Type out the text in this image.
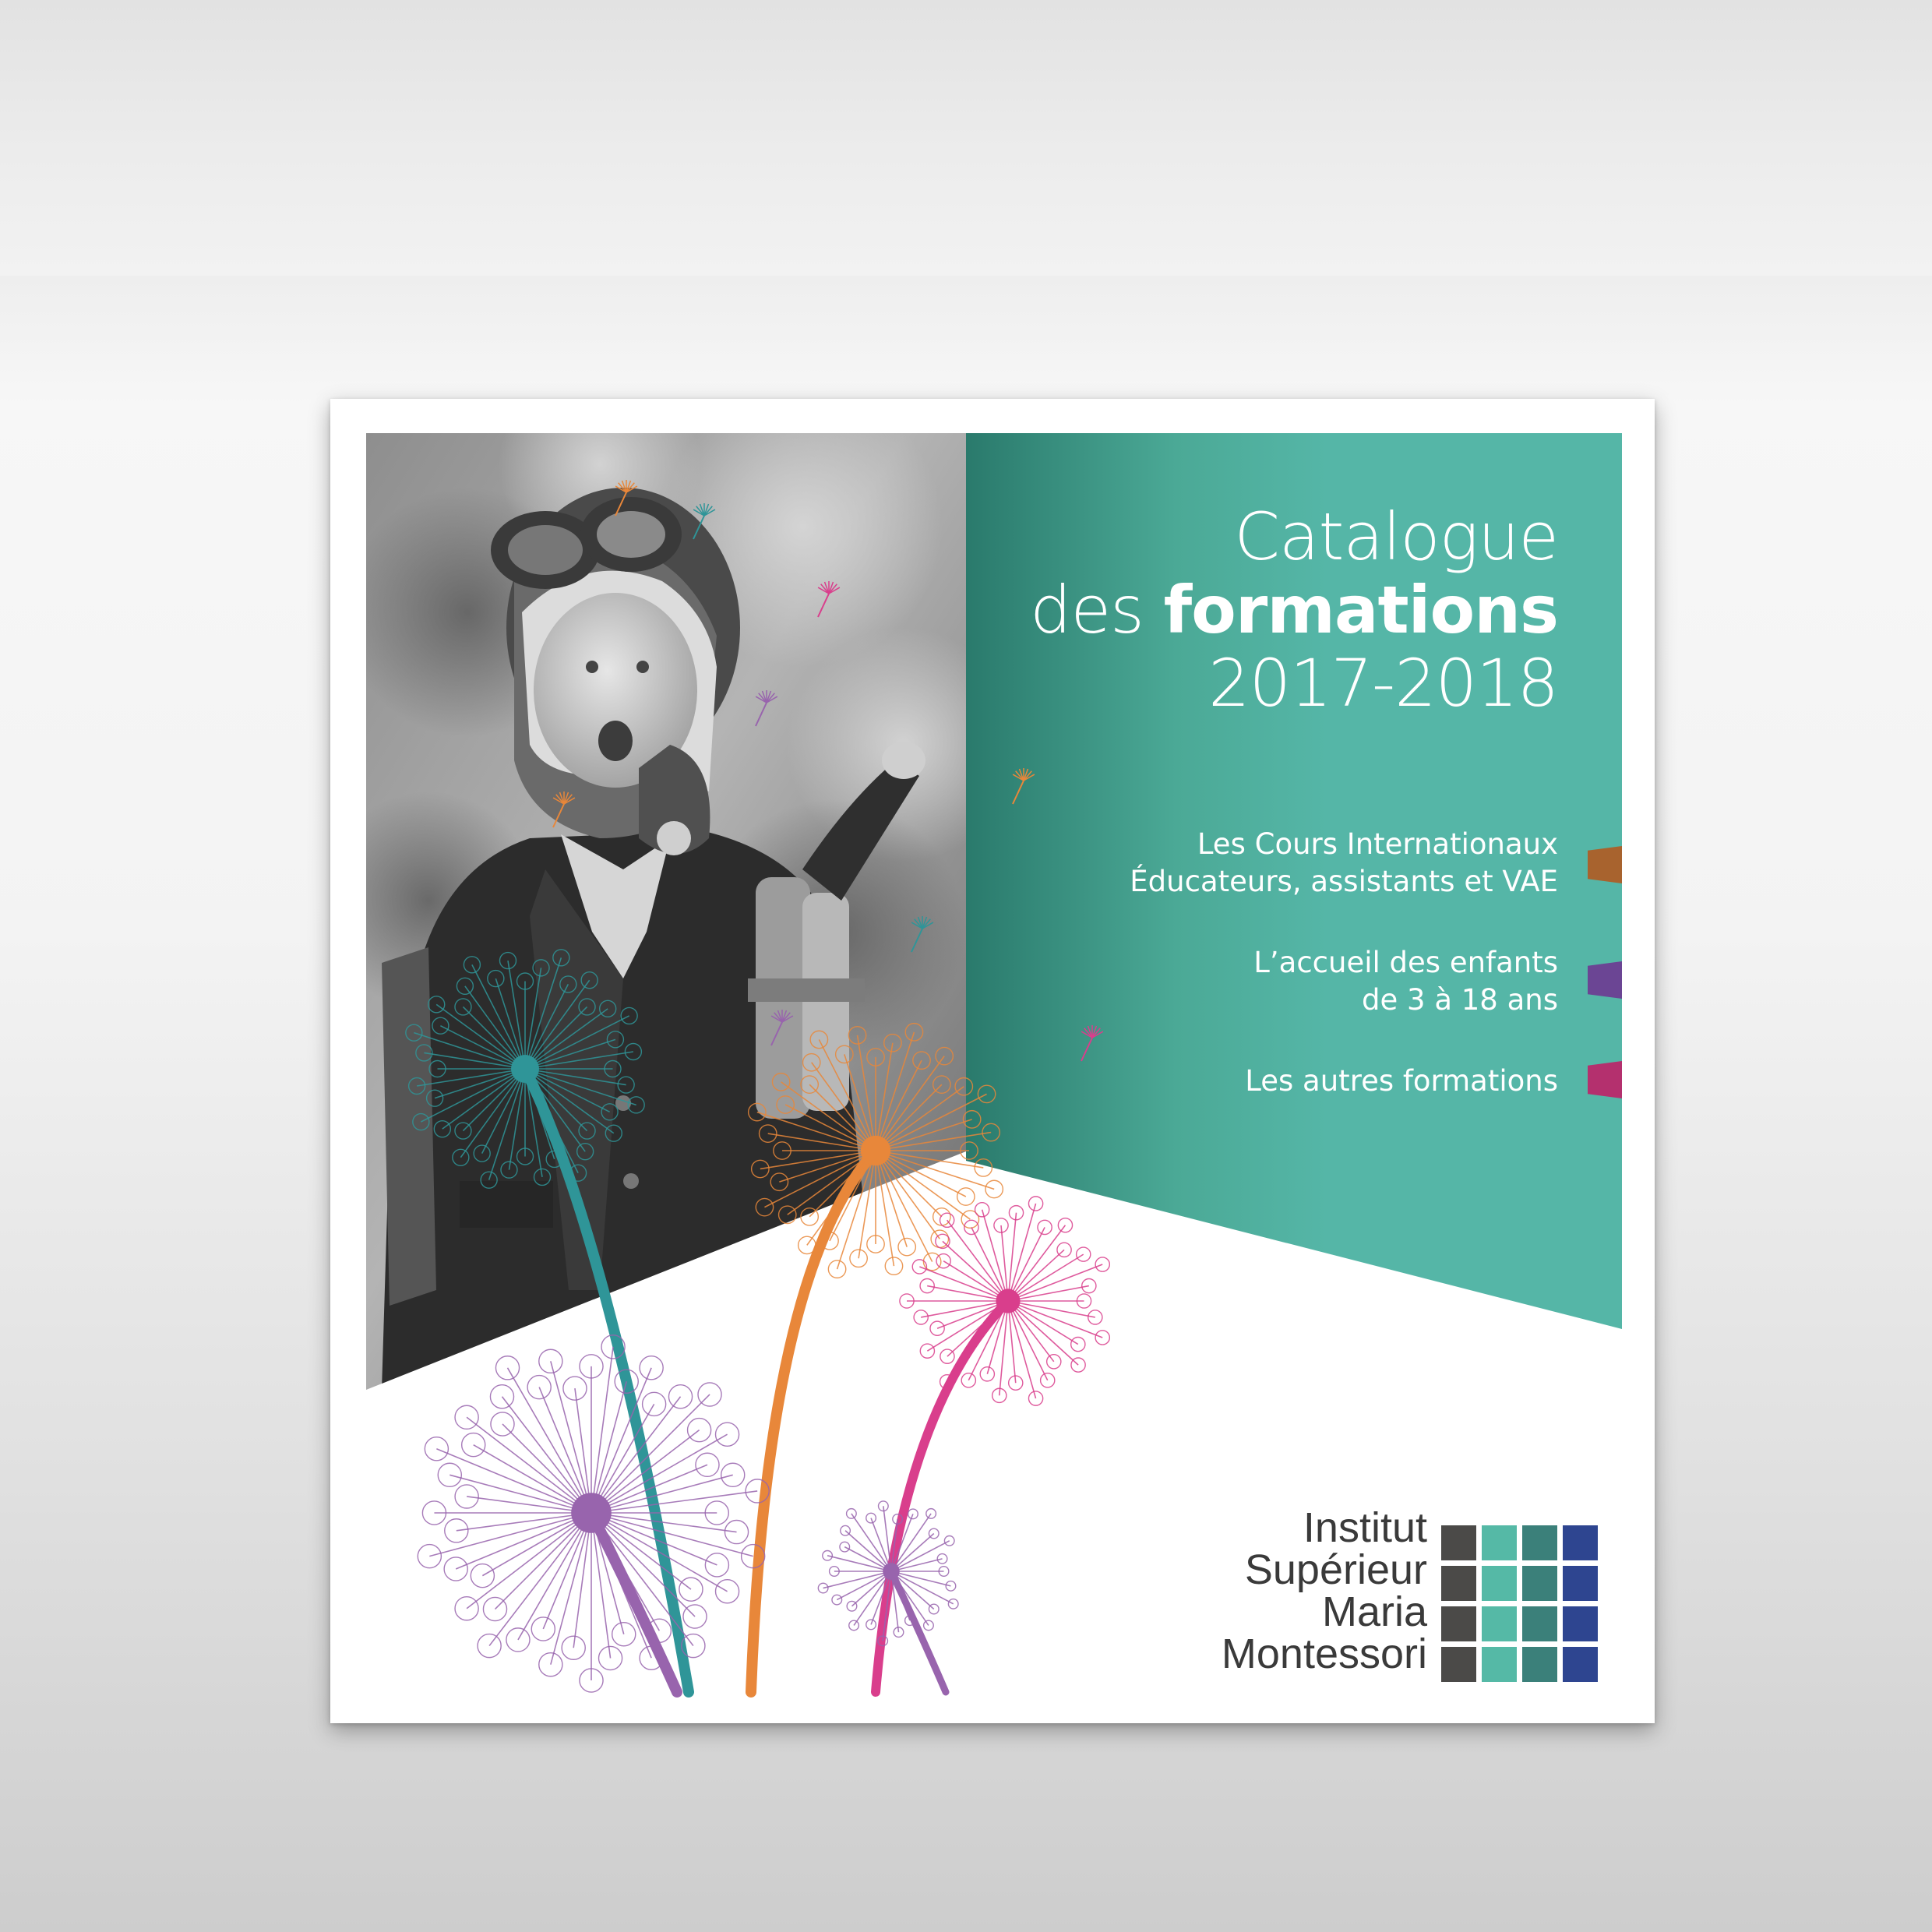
Catalogue
des formations
2017-2018
Les Cours Internationaux
Éducateurs, assistants et VAE
L’accueil des enfants
de 3 à 18 ans
Les autres formations
Institut
Supérieur
Maria
Montessori
